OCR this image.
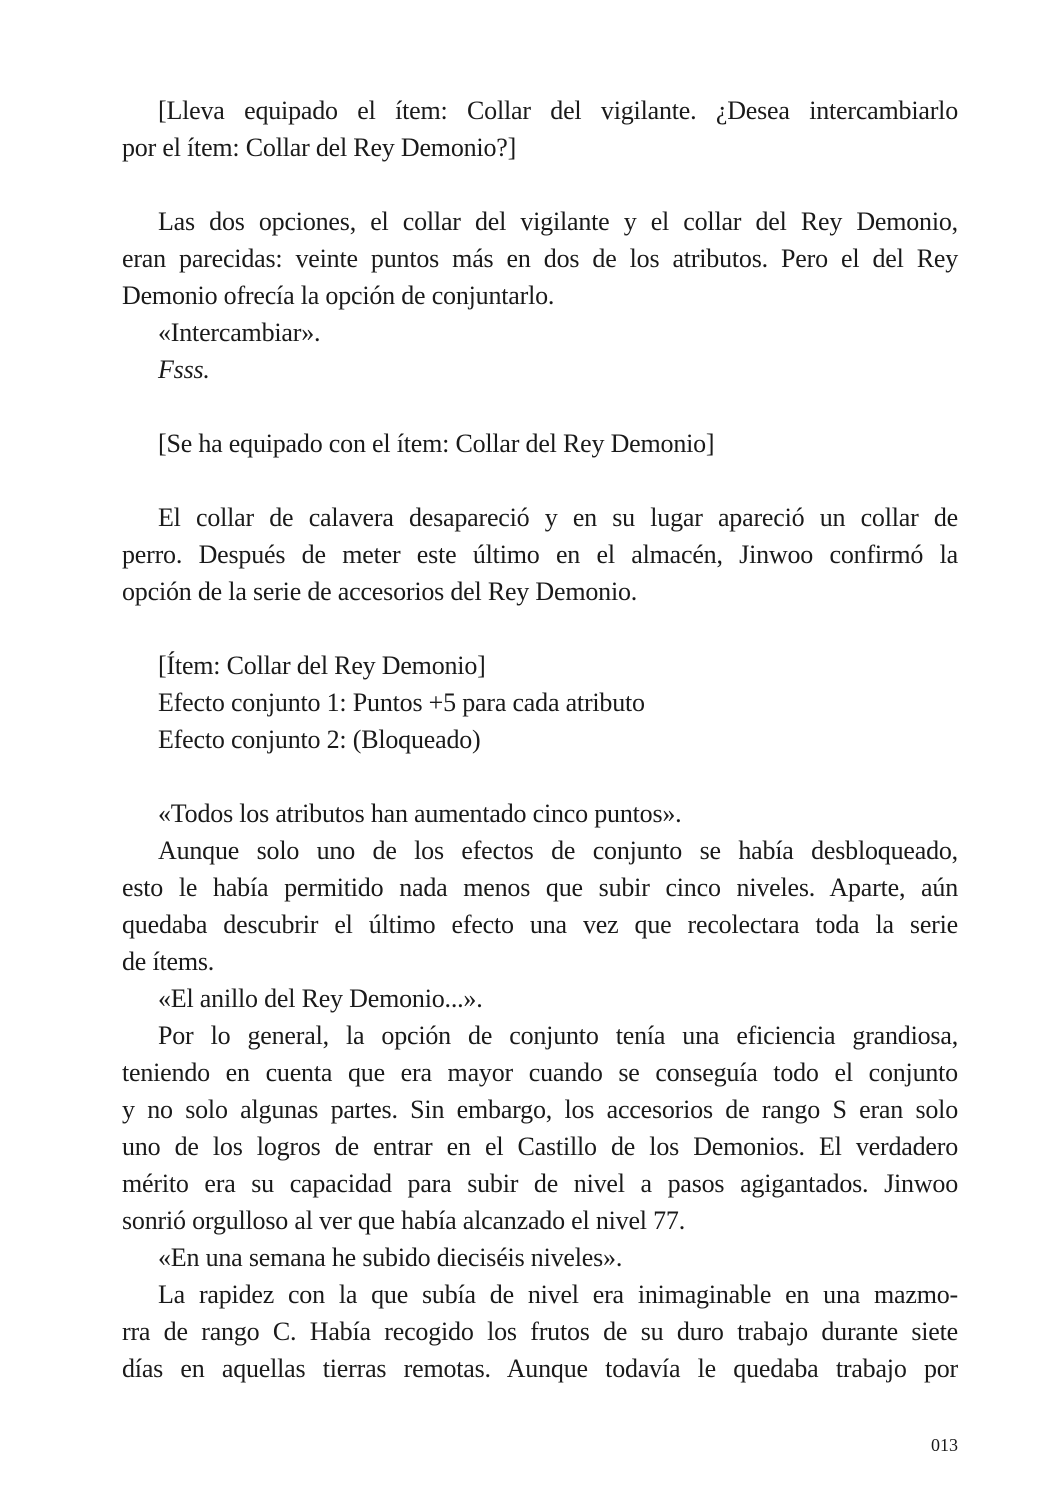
[Lleva equipado el ítem: Collar del vigilante. ¿Desea intercambiarlo
por el ítem: Collar del Rey Demonio?]
Las dos opciones, el collar del vigilante y el collar del Rey Demonio,
eran parecidas: veinte puntos más en dos de los atributos. Pero el del Rey
Demonio ofrecía la opción de conjuntarlo.
«Intercambiar».
Fsss.
[Se ha equipado con el ítem: Collar del Rey Demonio]
El collar de calavera desapareció y en su lugar apareció un collar de
perro. Después de meter este último en el almacén, Jinwoo confirmó la
opción de la serie de accesorios del Rey Demonio.
[Ítem: Collar del Rey Demonio]
Efecto conjunto 1: Puntos +5 para cada atributo
Efecto conjunto 2: (Bloqueado)
«Todos los atributos han aumentado cinco puntos».
Aunque solo uno de los efectos de conjunto se había desbloqueado,
esto le había permitido nada menos que subir cinco niveles. Aparte, aún
quedaba descubrir el último efecto una vez que recolectara toda la serie
de ítems.
«El anillo del Rey Demonio...».
Por lo general, la opción de conjunto tenía una eficiencia grandiosa,
teniendo en cuenta que era mayor cuando se conseguía todo el conjunto
y no solo algunas partes. Sin embargo, los accesorios de rango S eran solo
uno de los logros de entrar en el Castillo de los Demonios. El verdadero
mérito era su capacidad para subir de nivel a pasos agigantados. Jinwoo
sonrió orgulloso al ver que había alcanzado el nivel 77.
«En una semana he subido dieciséis niveles».
La rapidez con la que subía de nivel era inimaginable en una mazmo-
rra de rango C. Había recogido los frutos de su duro trabajo durante siete
días en aquellas tierras remotas. Aunque todavía le quedaba trabajo por
013
